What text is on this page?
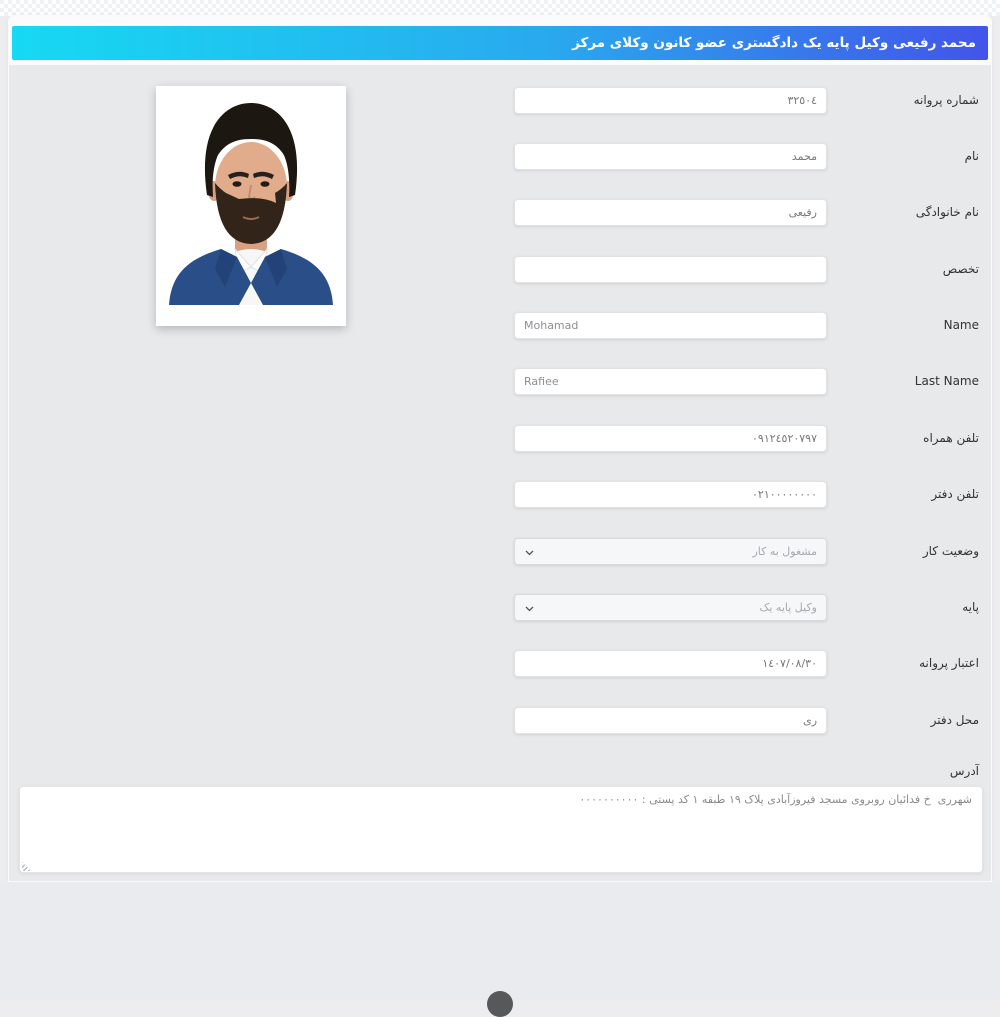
محمد رفیعی وکیل پایه یک دادگستری عضو کانون وکلای مرکز
شماره پروانه
٣٢٥٠٤
نام
محمد
نام خانوادگی
رفیعی
تخصص
Name
Mohamad
Last Name
Rafiee
تلفن همراه
٠٩١٢٤٥٢٠٧٩٧
تلفن دفتر
٠٢١٠٠٠٠٠٠٠٠
وضعیت کار
مشغول به کار
پایه
وکیل پایه یک
اعتبار پروانه
١٤٠٧/٠٨/٣٠
محل دفتر
ری
آدرس
شهرری خ فدائیان روبروی مسجد فیروزآبادی پلاک ١٩ طبقه ١ کد پستی : ٠٠٠٠٠٠٠٠٠٠
